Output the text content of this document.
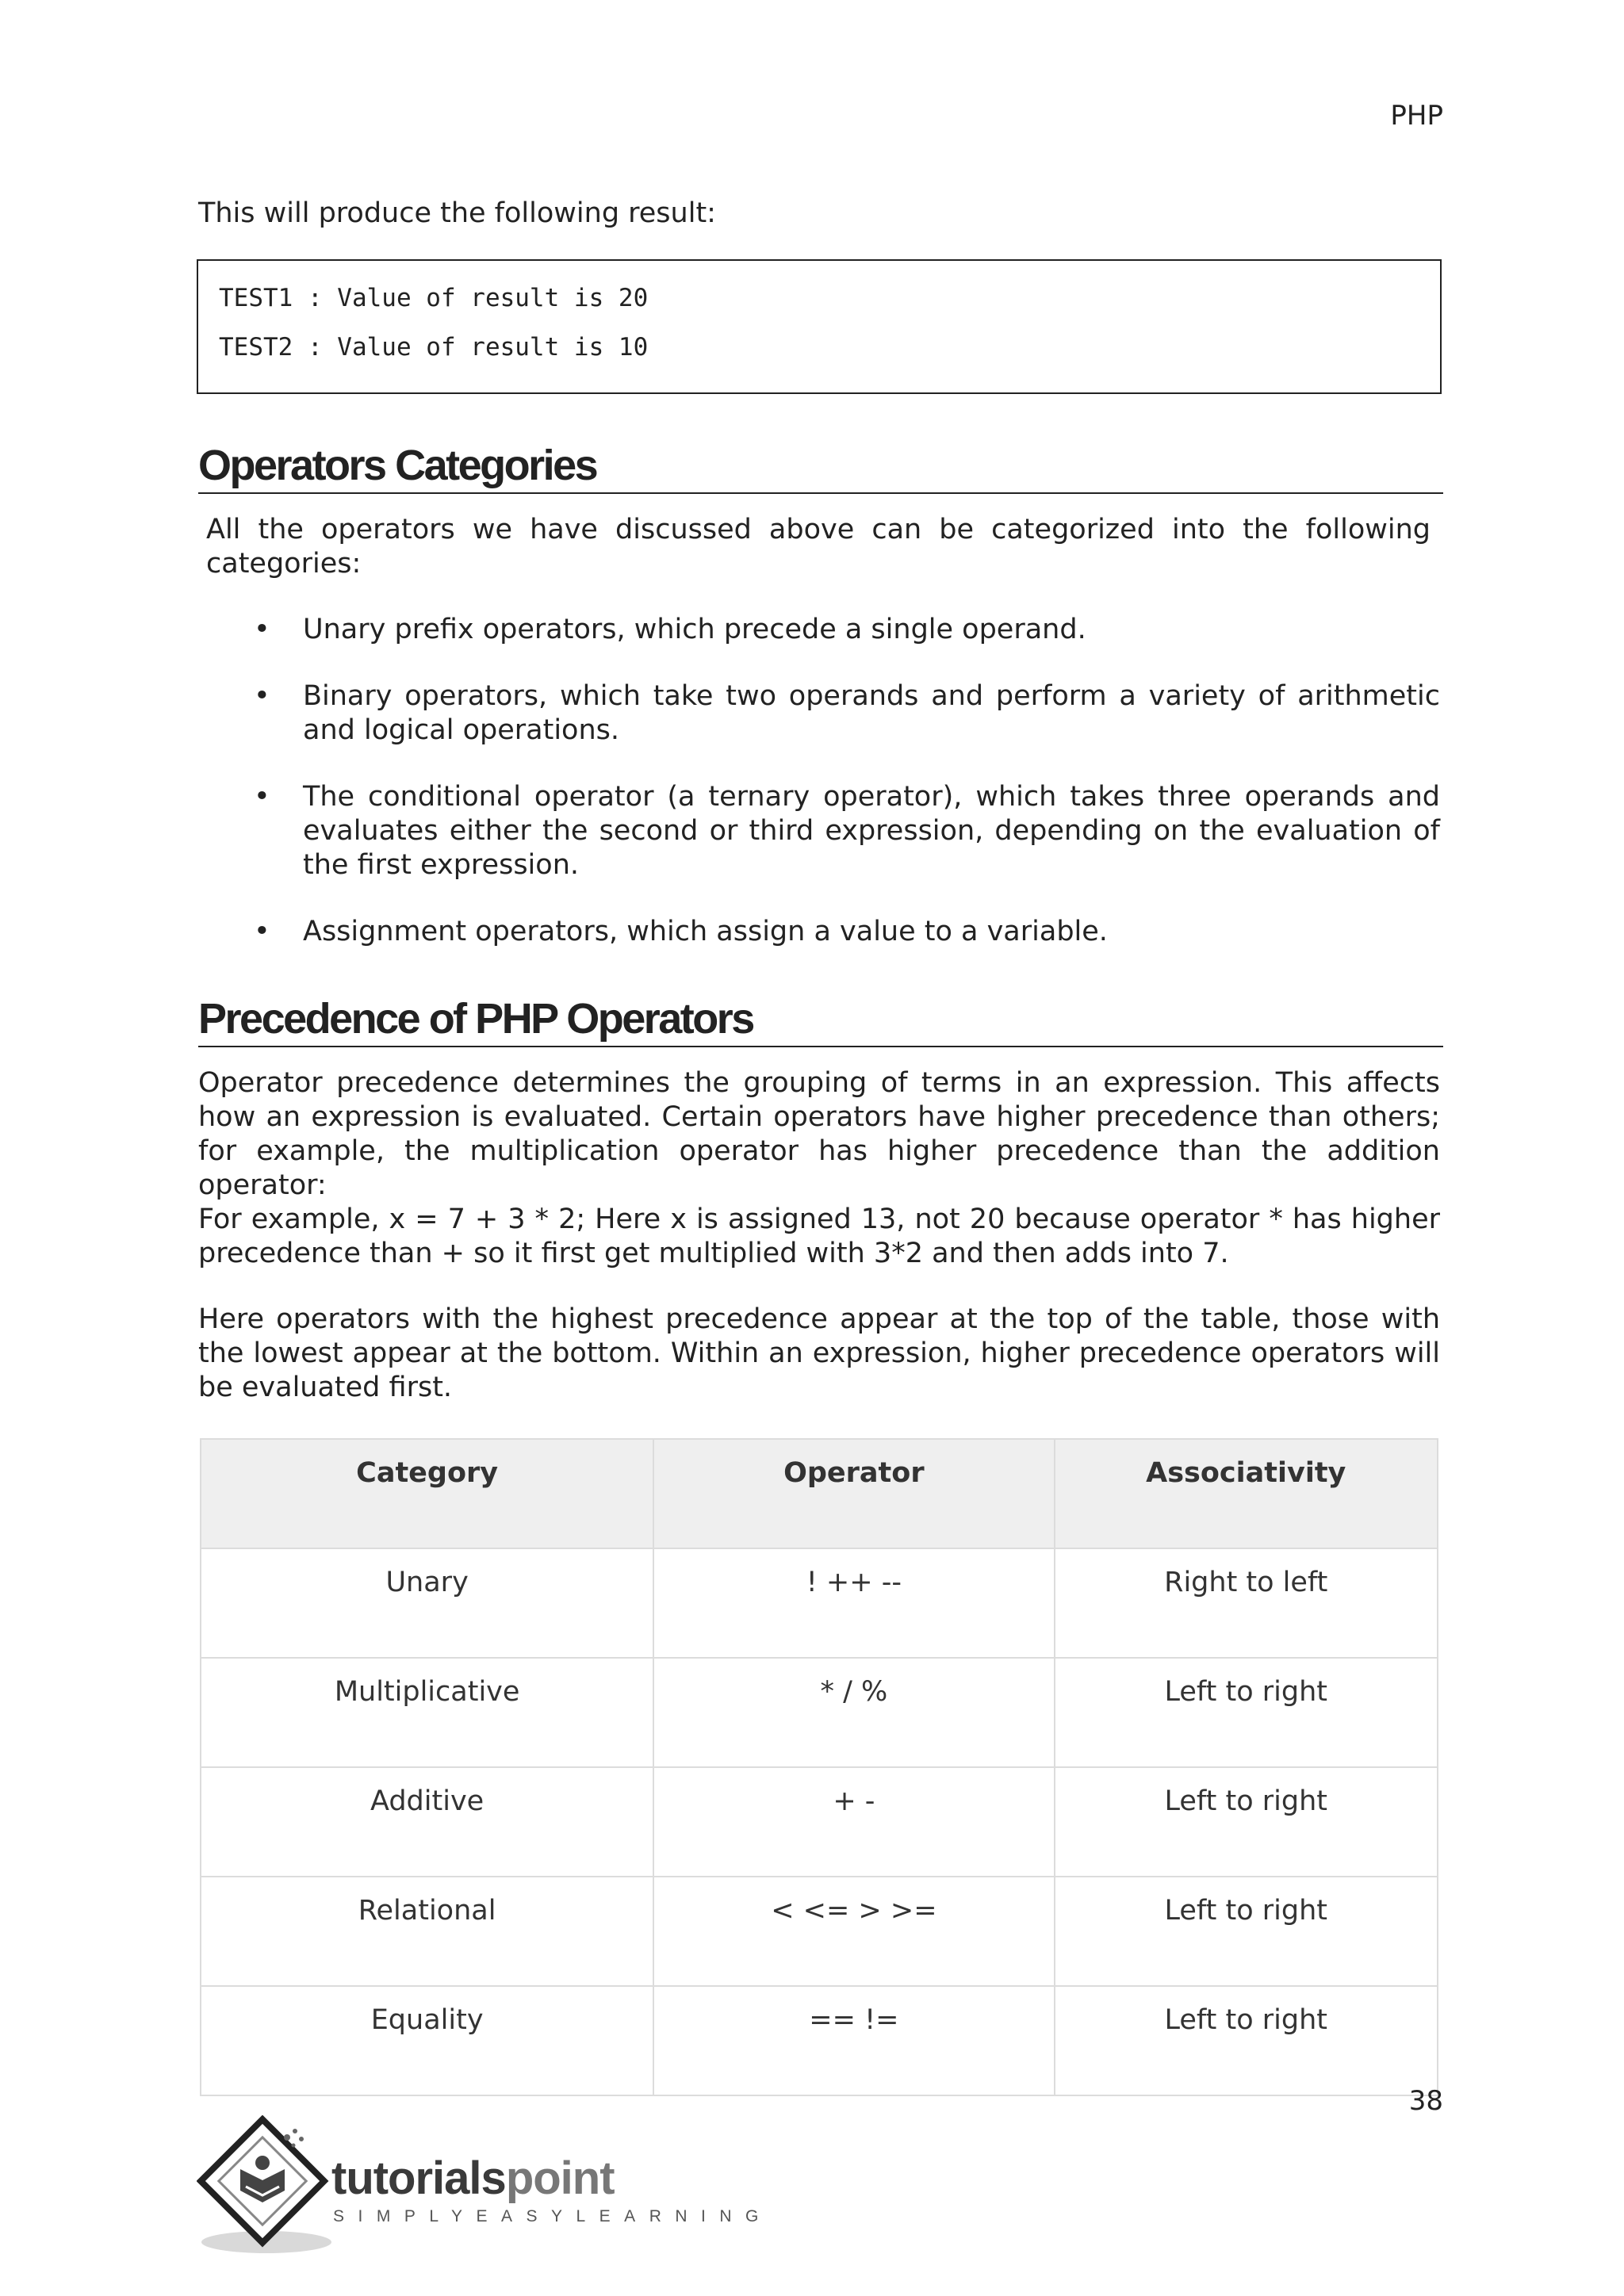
PHP

This will produce the following result:

TEST1 : Value of result is 20
TEST2 : Value of result is 10
Operators Categories

All the operators we have discussed above can be categorized into the following categories:

• Unary prefix operators, which precede a single operand.
• Binary operators, which take two operands and perform a variety of arithmetic and logical operations.
• The conditional operator (a ternary operator), which takes three operands and evaluates either the second or third expression, depending on the evaluation of the first expression.
• Assignment operators, which assign a value to a variable.
Precedence of PHP Operators

Operator precedence determines the grouping of terms in an expression. This affects how an expression is evaluated. Certain operators have higher precedence than others; for example, the multiplication operator has higher precedence than the addition operator:
For example, x = 7 + 3 * 2; Here x is assigned 13, not 20 because operator * has higher precedence than + so it first get multiplied with 3*2 and then adds into 7.

Here operators with the highest precedence appear at the top of the table, those with the lowest appear at the bottom. Within an expression, higher precedence operators will be evaluated first.

Category	Operator	Associativity
Unary	! ++ --	Right to left
Multiplicative	* / %	Left to right
Additive	+ -	Left to right
Relational	< <= > >=	Left to right
Equality	== !=	Left to right
38
tutorialspoint
SIMPLYEASYLEARNING
